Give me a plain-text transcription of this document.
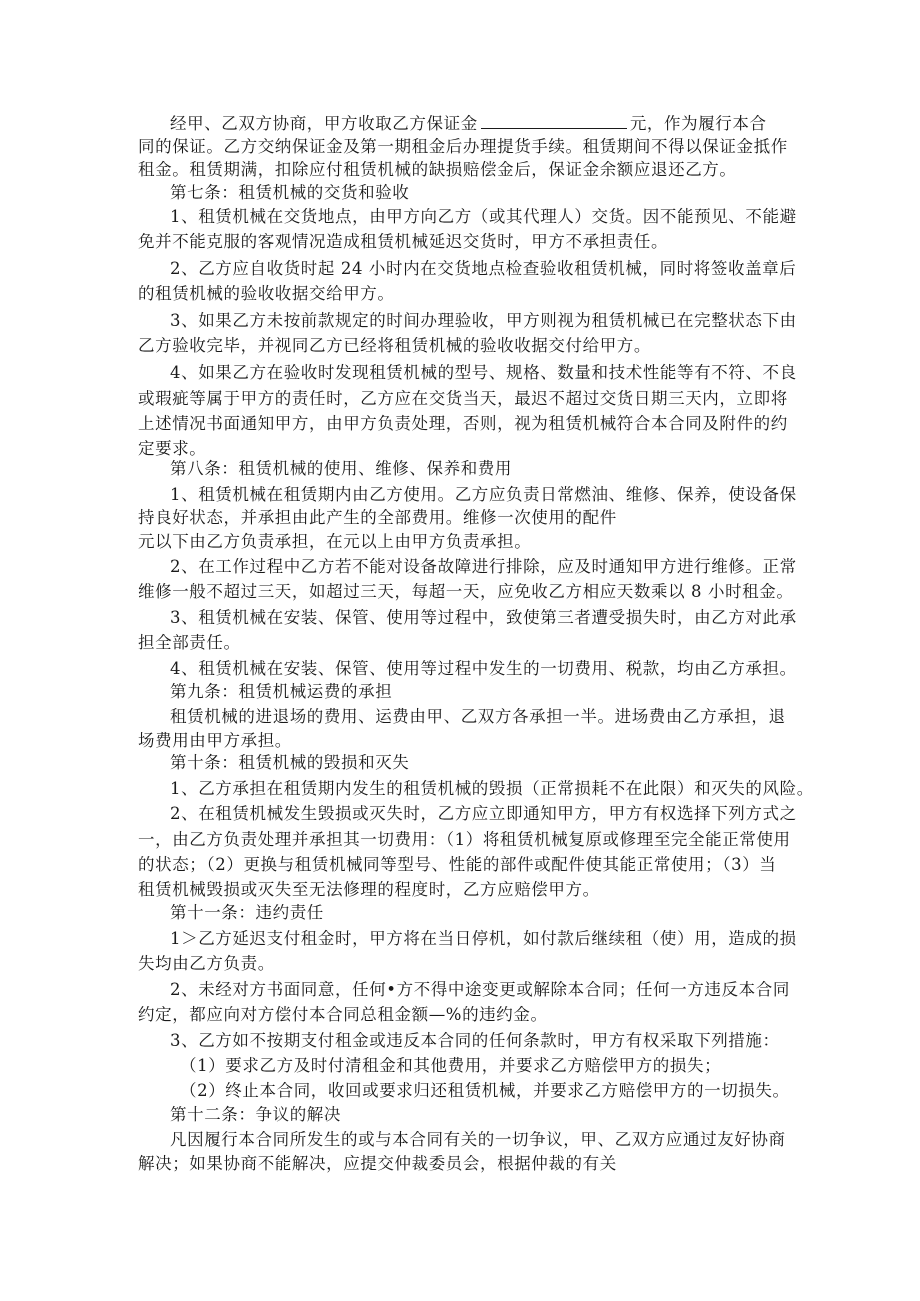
经甲、乙双方协商，甲方收取乙方保证金	元，作为履行本合
同的保证。乙方交纳保证金及第一期租金后办理提货手续。租赁期间不得以保证金抵作
租金。租赁期满，扣除应付租赁机械的缺损赔偿金后，保证金余额应退还乙方。
第七条：租赁机械的交货和验收
1、租赁机械在交货地点，由甲方向乙方（或其代理人）交货。因不能预见、不能避
免并不能克服的客观情况造成租赁机械延迟交货时，甲方不承担责任。
2、乙方应自收货时起 24 小时内在交货地点检查验收租赁机械，同时将签收盖章后
的租赁机械的验收收据交给甲方。
3、如果乙方未按前款规定的时间办理验收，甲方则视为租赁机械已在完整状态下由
乙方验收完毕，并视同乙方已经将租赁机械的验收收据交付给甲方。
4、如果乙方在验收时发现租赁机械的型号、规格、数量和技术性能等有不符、不良
或瑕疵等属于甲方的责任时，乙方应在交货当天，最迟不超过交货日期三天内，立即将
上述情况书面通知甲方，由甲方负责处理，否则，视为租赁机械符合本合同及附件的约
定要求。
第八条：租赁机械的使用、维修、保养和费用
1、租赁机械在租赁期内由乙方使用。乙方应负责日常燃油、维修、保养，使设备保
持良好状态，并承担由此产生的全部费用。维修一次使用的配件
元以下由乙方负责承担，在元以上由甲方负责承担。
2、在工作过程中乙方若不能对设备故障进行排除，应及时通知甲方进行维修。正常
维修一般不超过三天，如超过三天，每超一天，应免收乙方相应天数乘以 8 小时租金。
3、租赁机械在安装、保管、使用等过程中，致使第三者遭受损失时，由乙方对此承
担全部责任。
4、租赁机械在安装、保管、使用等过程中发生的一切费用、税款，均由乙方承担。
第九条：租赁机械运费的承担
租赁机械的进退场的费用、运费由甲、乙双方各承担一半。进场费由乙方承担，退
场费用由甲方承担。
第十条：租赁机械的毁损和灭失
1、乙方承担在租赁期内发生的租赁机械的毁损（正常损耗不在此限）和灭失的风险。
2、在租赁机械发生毁损或灭失时，乙方应立即通知甲方，甲方有权选择下列方式之
一，由乙方负责处理并承担其一切费用：（1）将租赁机械复原或修理至完全能正常使用
的状态；（2）更换与租赁机械同等型号、性能的部件或配件使其能正常使用；（3）当
租赁机械毁损或灭失至无法修理的程度时，乙方应赔偿甲方。
第十一条：违约责任
1＞乙方延迟支付租金时，甲方将在当日停机，如付款后继续租（使）用，造成的损
失均由乙方负责。
2、未经对方书面同意，任何•方不得中途变更或解除本合同；任何一方违反本合同
约定，都应向对方偿付本合同总租金额—%的违约金。
3、乙方如不按期支付租金或违反本合同的任何条款时，甲方有权采取下列措施：
（1）要求乙方及时付清租金和其他费用，并要求乙方赔偿甲方的损失；
（2）终止本合同，收回或要求归还租赁机械，并要求乙方赔偿甲方的一切损失。
第十二条：争议的解决
凡因履行本合同所发生的或与本合同有关的一切争议，甲、乙双方应通过友好协商
解决；如果协商不能解决，应提交仲裁委员会，根据仲裁的有关
